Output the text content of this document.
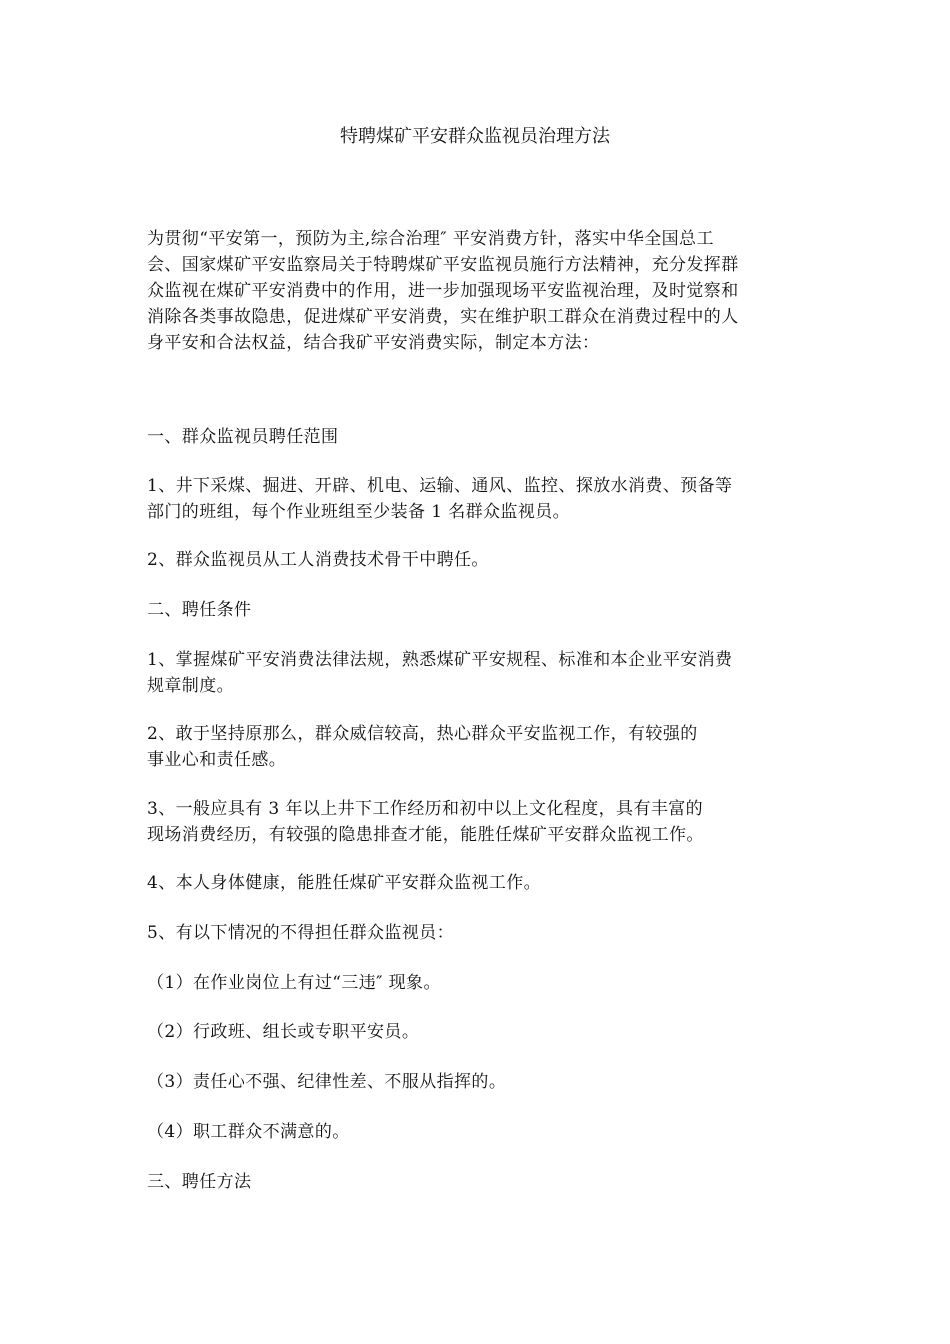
特聘煤矿平安群众监视员治理方法
为贯彻“平安第一，预防为主,综合治理″ 平安消费方针，落实中华全国总工
会、国家煤矿平安监察局关于特聘煤矿平安监视员施行方法精神，充分发挥群
众监视在煤矿平安消费中的作用，进一步加强现场平安监视治理，及时觉察和
消除各类事故隐患，促进煤矿平安消费，实在维护职工群众在消费过程中的人
身平安和合法权益，结合我矿平安消费实际，制定本方法：
一、群众监视员聘任范围
1、井下采煤、掘进、开辟、机电、运输、通风、监控、探放水消费、预备等
部门的班组，每个作业班组至少装备 1 名群众监视员。
2、群众监视员从工人消费技术骨干中聘任。
二、聘任条件
1、掌握煤矿平安消费法律法规，熟悉煤矿平安规程、标准和本企业平安消费
规章制度。
2、敢于坚持原那么，群众威信较高，热心群众平安监视工作，有较强的
事业心和责任感。
3、一般应具有 3 年以上井下工作经历和初中以上文化程度，具有丰富的
现场消费经历，有较强的隐患排查才能，能胜任煤矿平安群众监视工作。
4、本人身体健康，能胜任煤矿平安群众监视工作。
5、有以下情况的不得担任群众监视员：
（1）在作业岗位上有过“三违″ 现象。
（2）行政班、组长或专职平安员。
（3）责任心不强、纪律性差、不服从指挥的。
（4）职工群众不满意的。
三、聘任方法
